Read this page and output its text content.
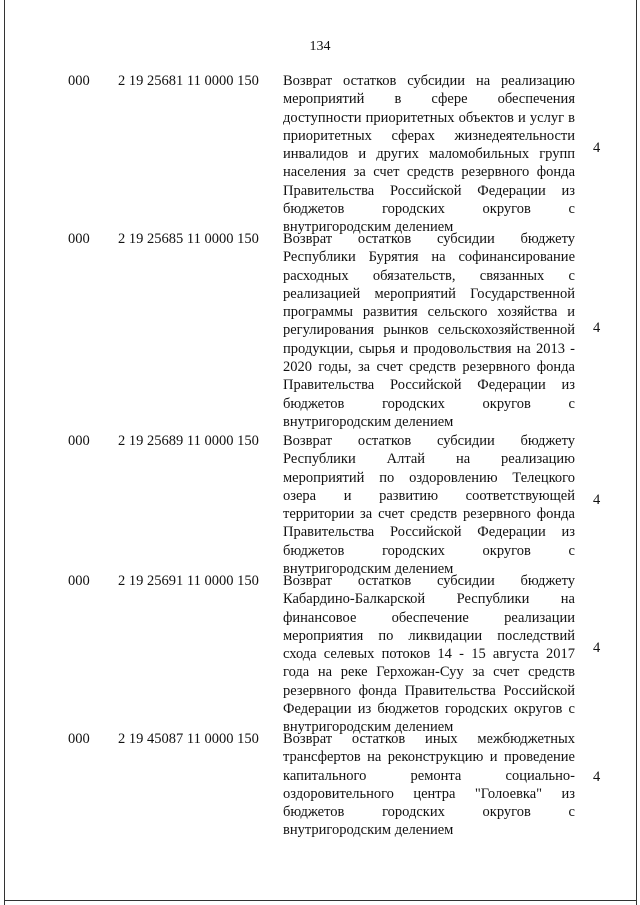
134
000 2 19 25681 11 0000 150 Возврат остатков субсидии на реализацию мероприятий в сфере обеспечения доступности приоритетных объектов и услуг в приоритетных сферах жизнедеятельности инвалидов и других маломобильных групп населения за счет средств резервного фонда Правительства Российской Федерации из бюджетов городских округов с внутригородским делением
4
000 2 19 25685 11 0000 150 Возврат остатков субсидии бюджету Республики Бурятия на софинансирование расходных обязательств, связанных с реализацией мероприятий Государственной программы развития сельского хозяйства и регулирования рынков сельскохозяйственной продукции, сырья и продовольствия на 2013 - 2020 годы, за счет средств резервного фонда Правительства Российской Федерации из бюджетов городских округов с внутригородским делением
4
000 2 19 25689 11 0000 150 Возврат остатков субсидии бюджету Республики Алтай на реализацию мероприятий по оздоровлению Телецкого озера и развитию соответствующей территории за счет средств резервного фонда Правительства Российской Федерации из бюджетов городских округов с внутригородским делением
4
000 2 19 25691 11 0000 150 Возврат остатков субсидии бюджету Кабардино-Балкарской Республики на финансовое обеспечение реализации мероприятия по ликвидации последствий схода селевых потоков 14 - 15 августа 2017 года на реке Герхожан-Суу за счет средств резервного фонда Правительства Российской Федерации из бюджетов городских округов с внутригородским делением
4
000 2 19 45087 11 0000 150 Возврат остатков иных межбюджетных трансфертов на реконструкцию и проведение капитального ремонта социально-оздоровительного центра "Голоевка" из бюджетов городских округов с внутригородским делением
4
